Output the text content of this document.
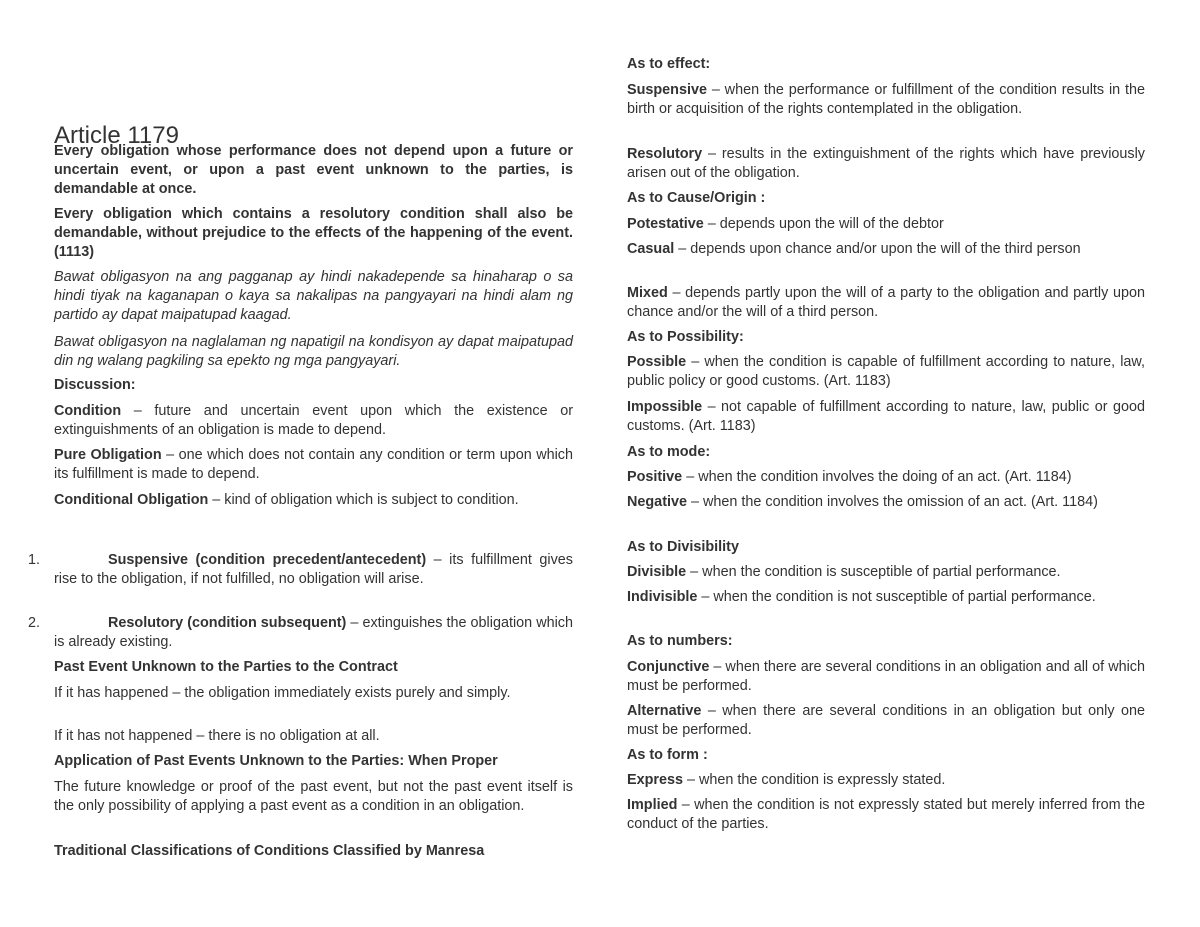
Article 1179

Every obligation whose performance does not depend upon a future or uncertain event, or upon a past event unknown to the parties, is demandable at once.

Every obligation which contains a resolutory condition shall also be demandable, without prejudice to the effects of the happening of the event. (1113)

Bawat obligasyon na ang pagganap ay hindi nakadepende sa hinaharap o sa hindi tiyak na kaganapan o kaya sa nakalipas na pangyayari na hindi alam ng partido ay dapat maipatupad kaagad.

Bawat obligasyon na naglalaman ng napatigil na kondisyon ay dapat maipatupad din ng walang pagkiling sa epekto ng mga pangyayari.

Discussion:

Condition – future and uncertain event upon which the existence or extinguishments of an obligation is made to depend.

Pure Obligation – one which does not contain any condition or term upon which its fulfillment is made to depend.

Conditional Obligation – kind of obligation which is subject to condition.

1.	Suspensive (condition precedent/antecedent) – its fulfillment gives rise to the obligation, if not fulfilled, no obligation will arise.
2.	Resolutory (condition subsequent) – extinguishes the obligation which is already existing.

Past Event Unknown to the Parties to the Contract

If it has happened – the obligation immediately exists purely and simply.

If it has not happened – there is no obligation at all.

Application of Past Events Unknown to the Parties: When Proper

The future knowledge or proof of the past event, but not the past event itself is the only possibility of applying a past event as a condition in an obligation.

Traditional Classifications of Conditions Classified by Manresa

As to effect:

Suspensive – when the performance or fulfillment of the condition results in the birth or acquisition of the rights contemplated in the obligation.

Resolutory – results in the extinguishment of the rights which have previously arisen out of the obligation.

As to Cause/Origin :

Potestative – depends upon the will of the debtor

Casual – depends upon chance and/or upon the will of the third person

Mixed – depends partly upon the will of a party to the obligation and partly upon chance and/or the will of a third person.

As to Possibility:

Possible – when the condition is capable of fulfillment according to nature, law, public policy or good customs. (Art. 1183)

Impossible – not capable of fulfillment according to nature, law, public or good customs. (Art. 1183)

As to mode:

Positive – when the condition involves the doing of an act. (Art. 1184)

Negative – when the condition involves the omission of an act. (Art. 1184)

As to Divisibility

Divisible – when the condition is susceptible of partial performance.

Indivisible – when the condition is not susceptible of partial performance.

As to numbers:

Conjunctive – when there are several conditions in an obligation and all of which must be performed.

Alternative – when there are several conditions in an obligation but only one must be performed.

As to form :

Express – when the condition is expressly stated.

Implied – when the condition is not expressly stated but merely inferred from the conduct of the parties.
